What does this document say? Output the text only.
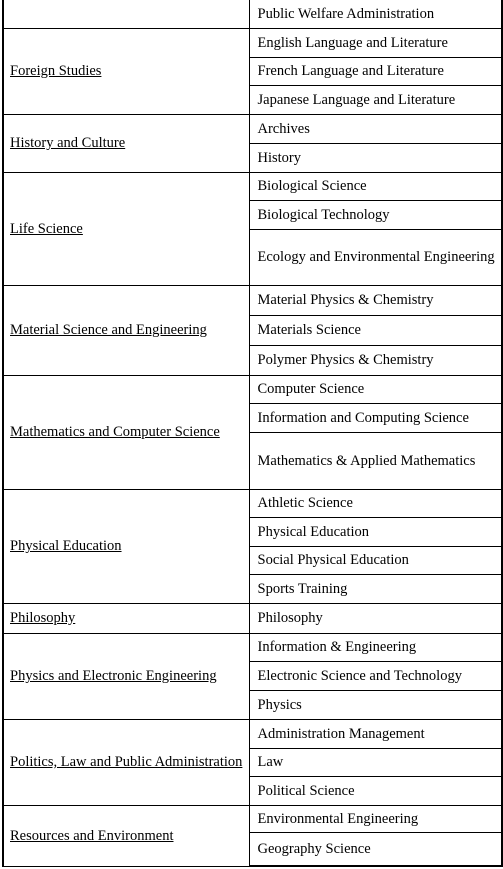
	Public Welfare Administration
Foreign Studies	English Language and Literature
	French Language and Literature
	Japanese Language and Literature
History and Culture	Archives
	History
Life Science	Biological Science
	Biological Technology
	Ecology and Environmental Engineering
Material Science and Engineering	Material Physics & Chemistry
	Materials Science
	Polymer Physics & Chemistry
Mathematics and Computer Science	Computer Science
	Information and Computing Science
	Mathematics & Applied Mathematics
Physical Education	Athletic Science
	Physical Education
	Social Physical Education
	Sports Training
Philosophy	Philosophy
Physics and Electronic Engineering	Information & Engineering
	Electronic Science and Technology
	Physics
Politics, Law and Public Administration	Administration Management
	Law
	Political Science
Resources and Environment	Environmental Engineering
	Geography Science
